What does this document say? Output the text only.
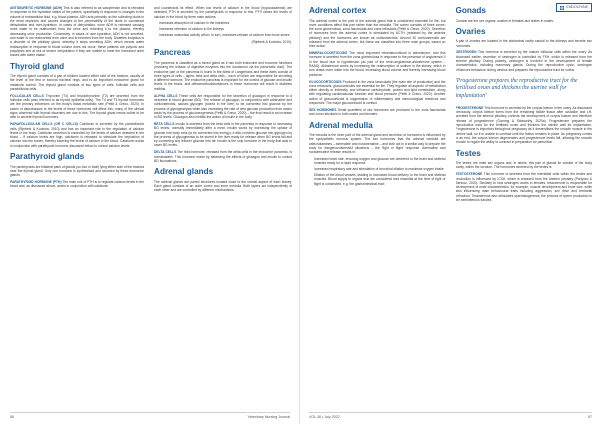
ANTIDIURETIC HORMONE (ADH) This is also referred to as vasopressin and is released in response to the hydration status of the patient, specifically in response to changes in the volume of extracellular fluid, e.g. blood plasma. ADH acts primarily on the collecting ducts in the renal nephrons and causes changes to the permeability of the ducts to counteract dehydration and over-hydration. In cases of dehydration, more ADH is released causing more water to be reabsorbed from the urine and returning it to the plasma, thereby decreasing urine production. Conversely, in cases of over-hydration, ADH is not secreted, and water is not reabsorbed from urine and is excreted from the body. Diabetes insipidus is a disorder of the pituitary gland, whereby it stops secreting ADH, which means water reabsorption in response to blood volume does not occur; these patients are polyuric and polydipsic and at risk of severe dehydration if they are unable to meet the increased urine losses with water intake.

Thyroid gland

The thyroid gland consists of a pair of bilobed located either side of the trachea, usually at the level of the first or second tracheal rings, and is an important endocrine gland for metabolic control. The thyroid gland consists of two types of cells: follicular cells and parafollicular cells.

FOLLICULAR CELLS Thyroxine (T4) and triiodothyronine (T3) are secreted from the follicular cells (also referred to as thyroid epithelial cells). The T4 and T3 thyroid hormones are the primary influences on the body's basal metabolic rate (Pettit & Greco, 2020). In cases of disturbances to the levels of these hormones will affect this; many of the clinical signs observed with thyroid disorders are due to this. The thyroid gland needs iodine to be able to secrete thyroid hormones.

PARAFOLLICULAR CELLS (OR C CELLS) Calcitonin is secreted by the parafollicular cells (Rijnberk & Kooistra, 2010) and has an important role in the regulation of calcium levels in the body. Calcitonin secretion is controlled by the levels of calcium detected in the blood – if calcium levels are high, calcitonin is released to stimulate the deposition of calcium into the bones, thereby lowering the levels of calcium in the blood. Calcitonin works in conjunction with parathyroid hormone discussed below to control calcium levels.

Parathyroid glands

The parathyroids are bilateral pairs of glands (so four in total) lying either side of the trachea near the thyroid gland. Only one hormone is synthesised and secreted by these endocrine glands.

PARATHYROID HORMONE (PTH) The main role of PTH is to regulate calcium levels in the blood and, as discussed above, works in conjunction with calcitonin

and counteracts its effect. When low levels of calcium in the blood (hypocalcaemia) are detected, PTH is secreted by the parathyroids in response to this. PTH raises the levels of calcium in the blood by three main actions:

• Increases absorption of calcium in the intestines
• Increases retention of calcium in the kidneys
• Increases osteoclast activity which, in turn, increases release of calcium from bone stores

(Rijnberk & Kooistra, 2010).

Pancreas

The pancreas is classified as a mixed gland as it has both endocrine and exocrine functions (involving the release of digestive enzymes into the duodenum via the pancreatic duct). The endocrine part of the pancreas is found in the islets of Langerhans and these islets consist of three types of cells – alpha, beta and delta cells – each of which are responsible for secreting a different hormone. The endocrine pancreas is important for the control of glucose and insulin levels in the blood, and deficiencies/disturbances in these hormones will result in diabetes mellitus.

ALPHA CELLS These cells are responsible for the secretion of glucagon in response to a decrease in blood glucose (BG). The release of glucagon, in conjunction with adrenaline and corticosteroids, causes glycogen (stored in the liver) to be converted into glucose by the process of glycogenolysis while also increasing the rate of new glucose production from amino acids by the process of gluconeogenesis (Pettit & Greco, 2020) – the final result is an increase in BG levels. Glucagon also inhibits the action of insulin in the body.

BETA CELLS Insulin is secreted from the beta cells in the pancreas in response to increasing BG levels, normally immediately after a meal. Insulin works by increasing the uptake of glucose into body cells (to be converted into energy); it also converts glucose into glycogen by the process of glycogenesis to be stored in the liver ready for release when BG levels fall and by converting any leftover glucose into fat. Insulin is the only hormone in the body that acts to lower BG levels.

DELTA CELLS The third hormone, released from the delta cells in the endocrine pancreas, is somatostatin. This hormone works by balancing the effects of glucagon and insulin to control BG fluctuations.

Adrenal glands

The adrenal glands are paired structures located close to the cranial aspect of each kidney. Each gland consists of an outer cortex and inner medulla. Both layers act independently of each other and are controlled by different mechanisms.

56	Veterinary Nursing Journal
ENDOCRINE
Adrenal cortex

The adrenal cortex is the part of the adrenal gland that is considered essential for life, but more conditions affect this part rather than the medulla. The cortex consists of three zones: the zona glomerulosa, zona fasciculata and zona reticularis (Pettit & Greco, 2020). Secretion of hormones from the adrenal cortex is stimulated by ACTH (released by the anterior pituitary) and the hormones are known as corticosteroids. Around 30 corticosteroids are released from the adrenal cortex, but these are classified into three main groups, based on their action.

MINERALOCORTICOIDS The most important mineralocorticoid is aldosterone, and this hormone is secreted from the zona glomerulosa in response to the presence of angiotensin II in the blood due to hypotension (as part of the renin-angiotensin-aldosterone system – RAAS). Aldosterone works by increasing the reabsorption of sodium in the kidney, which in turn draws more water into the blood, increasing blood volume and thereby increasing blood pressure.

GLUCOCORTICOIDS Produced in the zona fasciculata (the main site of production) and the zona reticularis, glucocorticoids are essential for life. They regulate all aspects of metabolism either directly or indirectly, and influence carbohydrate, protein and lipid metabolism, along with regulating cardiovascular function and blood pressure (Pettit & Greco, 2020). Another action of glucocorticoid is suppression of inflammatory and immunological reactions and responses. The major glucocorticoid is cortisol.

SEX HORMONES Small quantities of sex hormones are produced in the zona fasciculata and zona reticularis in both males and females.

Adrenal medulla

The medulla is the inner part of the adrenal gland and secretion of hormones is influenced by the sympathetic nervous system. The two hormones that the adrenal medulla are catecholamines – adrenaline and noradrenaline – and both act in a similar way to prepare the body for dangerous/stressful situations – the 'fight or flight' response. Adrenaline and noradrenaline release results in:

• Increased heart rate, ensuring oxygen and glucose are delivered to the brain and skeletal muscles ready for a rapid response
• Increased respiratory rate and stimulation of bronchial dilation to maximise oxygen intake
• Dilation of the blood vessels, leading to increased blood delivery to the brain and skeletal muscles. Blood supply to organs that are considered less essential at the time of fight or flight is constricted, e.g. the gastrointestinal tract
Gonads

Gonads are the sex organs: ovaries in females and testes in males.

Ovaries

A pair of ovaries are located in the abdominal cavity caudal to the kidneys and secrete two hormones.

OESTROGEN This hormone is secreted by the mature follicular cells within the ovary. As discussed earlier, secretion of oestrogen is controlled by FSH, which is released from the anterior pituitary. During puberty, oestrogen is involved in the development of female characteristics, including mammary glands. During the reproductive cycle, oestrogen influences behaviour during oestrus and prepares the reproductive tract for coitus.

'Progesterone prepares the reproductive tract for the fertilised ovum and thickens the uterine wall for implantation'

PROGESTERONE This hormone is secreted by the corpus luteum in the ovary. As discussed previously, corpus luteum forms from the remaining follicle tissue after ovulation and LH, secreted from the anterior pituitary, controls the development of corpus luteum and therefore release of progesterone (Ganong & Stidworthy, 2020a). Progesterone prepares the reproductive tract for the fertilised ovum and thickens the uterine wall for implantation. Progesterone is important throughout pregnancy as it desensitises the smooth muscle in the uterine wall, so it is unable to contract until the foetus remains in place. As pregnancy comes to an end, the corpus luteum degenerates and progesterone levels fall, allowing the smooth muscle to regain the ability to contract in preparation for parturition.

Testes

The testes are male sex organs and, in adults, this pair of glands lie outside of the body cavity, within the scrotum. The hormones secreted by the testes is

TESTOSTERONE This hormone is secreted from the interstitial cells within the testes and production is influenced by ICSH, which is released from the anterior pituitary (Pariyoso & Bertuso, 2020). Similarly to how oestrogen works in females, testosterone is responsible for development of male characteristics, for example, muscle development and bone size, while also influencing male behavioural traits including aggression, sex drive and territorial behaviour. Testosterone also stimulates spermatogenesis, the process of sperm production in the seminiferous tubules.

VOL 38 • July 2022	57
